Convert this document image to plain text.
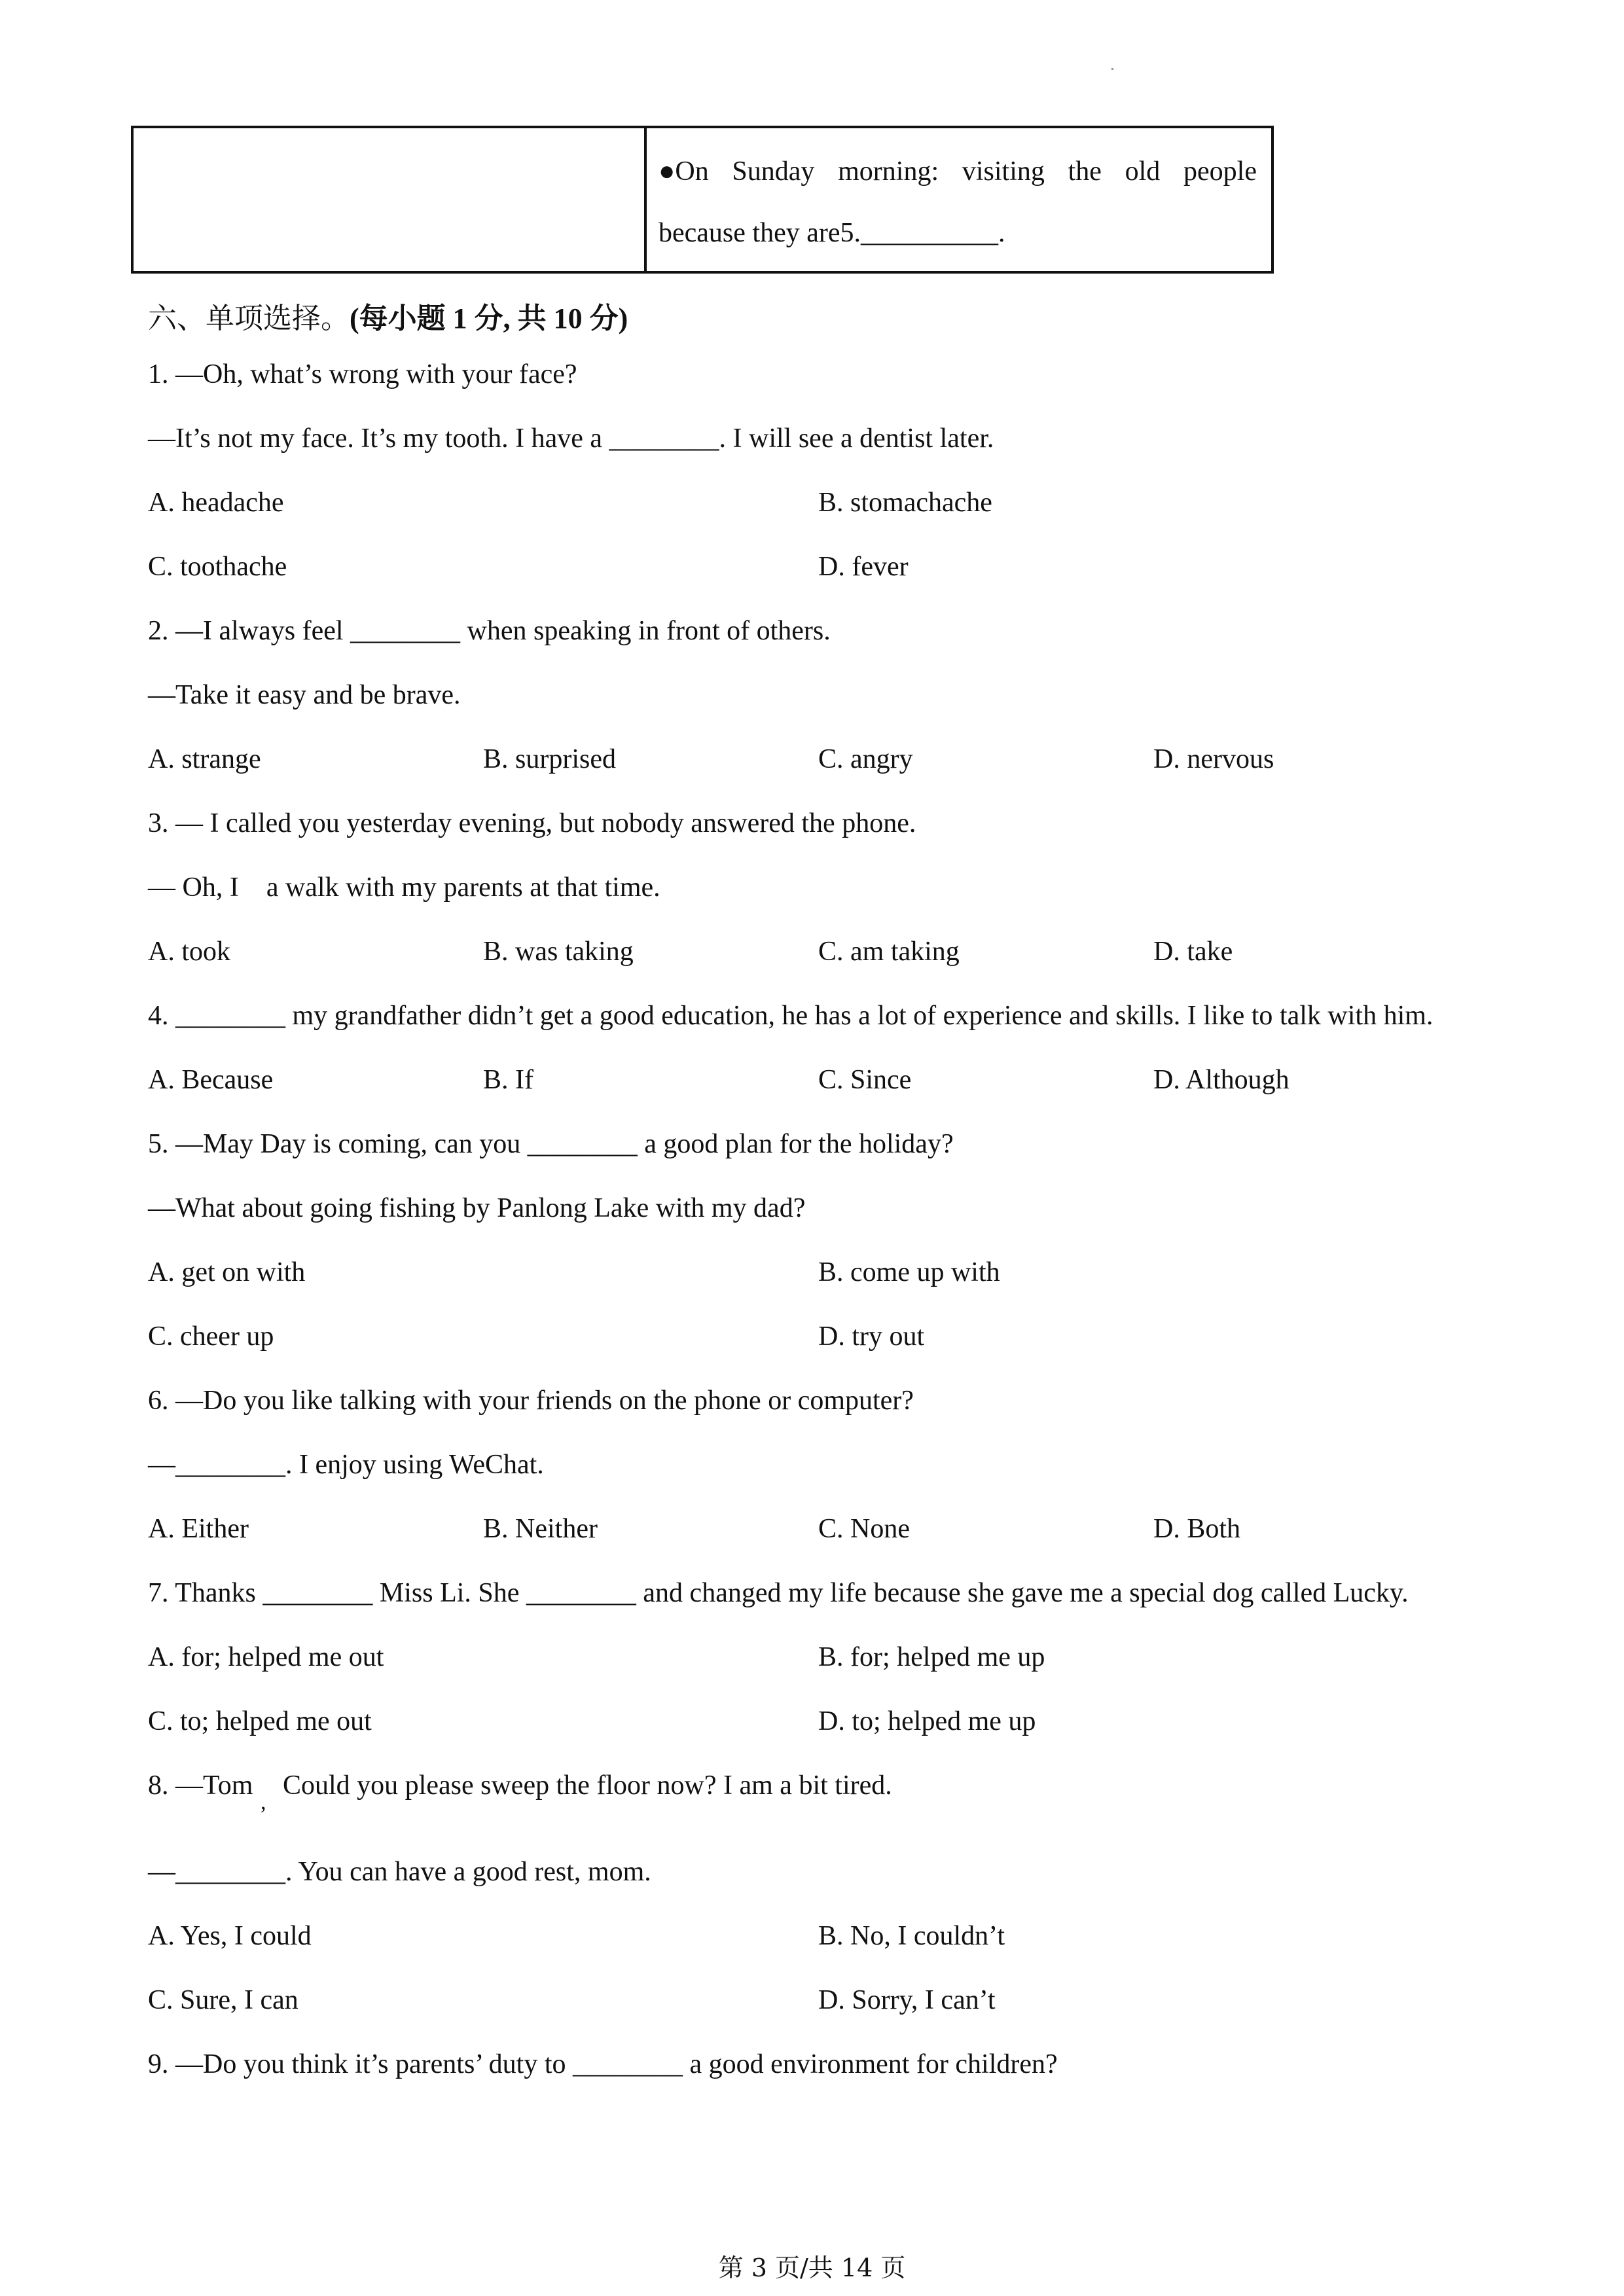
●On Sunday morning: visiting the old people
because they are5.__________.
六、单项选择。(每小题 1 分, 共 10 分)
1. —Oh, what’s wrong with your face?
—It’s not my face. It’s my tooth. I have a ________. I will see a dentist later.
A. headache	B. stomachache
C. toothache	D. fever
2. —I always feel ________ when speaking in front of others.
—Take it easy and be brave.
A. strange	B. surprised	C. angry	D. nervous
3. — I called you yesterday evening, but nobody answered the phone.
— Oh, I    a walk with my parents at that time.
A. took	B. was taking	C. am taking	D. take
4. ________ my grandfather didn’t get a good education, he has a lot of experience and skills. I like to talk with him.
A. Because	B. If	C. Since	D. Although
5. —May Day is coming, can you ________ a good plan for the holiday?
—What about going fishing by Panlong Lake with my dad?
A. get on with	B. come up with
C. cheer up	D. try out
6. —Do you like talking with your friends on the phone or computer?
—________. I enjoy using WeChat.
A. Either	B. Neither	C. None	D. Both
7. Thanks ________ Miss Li. She ________ and changed my life because she gave me a special dog called Lucky.
A. for; helped me out	B. for; helped me up
C. to; helped me out	D. to; helped me up
8. —Tom
,
Could you please sweep the floor now? I am a bit tired.
—________. You can have a good rest, mom.
A. Yes, I could	B. No, I couldn’t
C. Sure, I can	D. Sorry, I can’t
9. —Do you think it’s parents’ duty to ________ a good environment for children?
第 3 页/共 14 页
